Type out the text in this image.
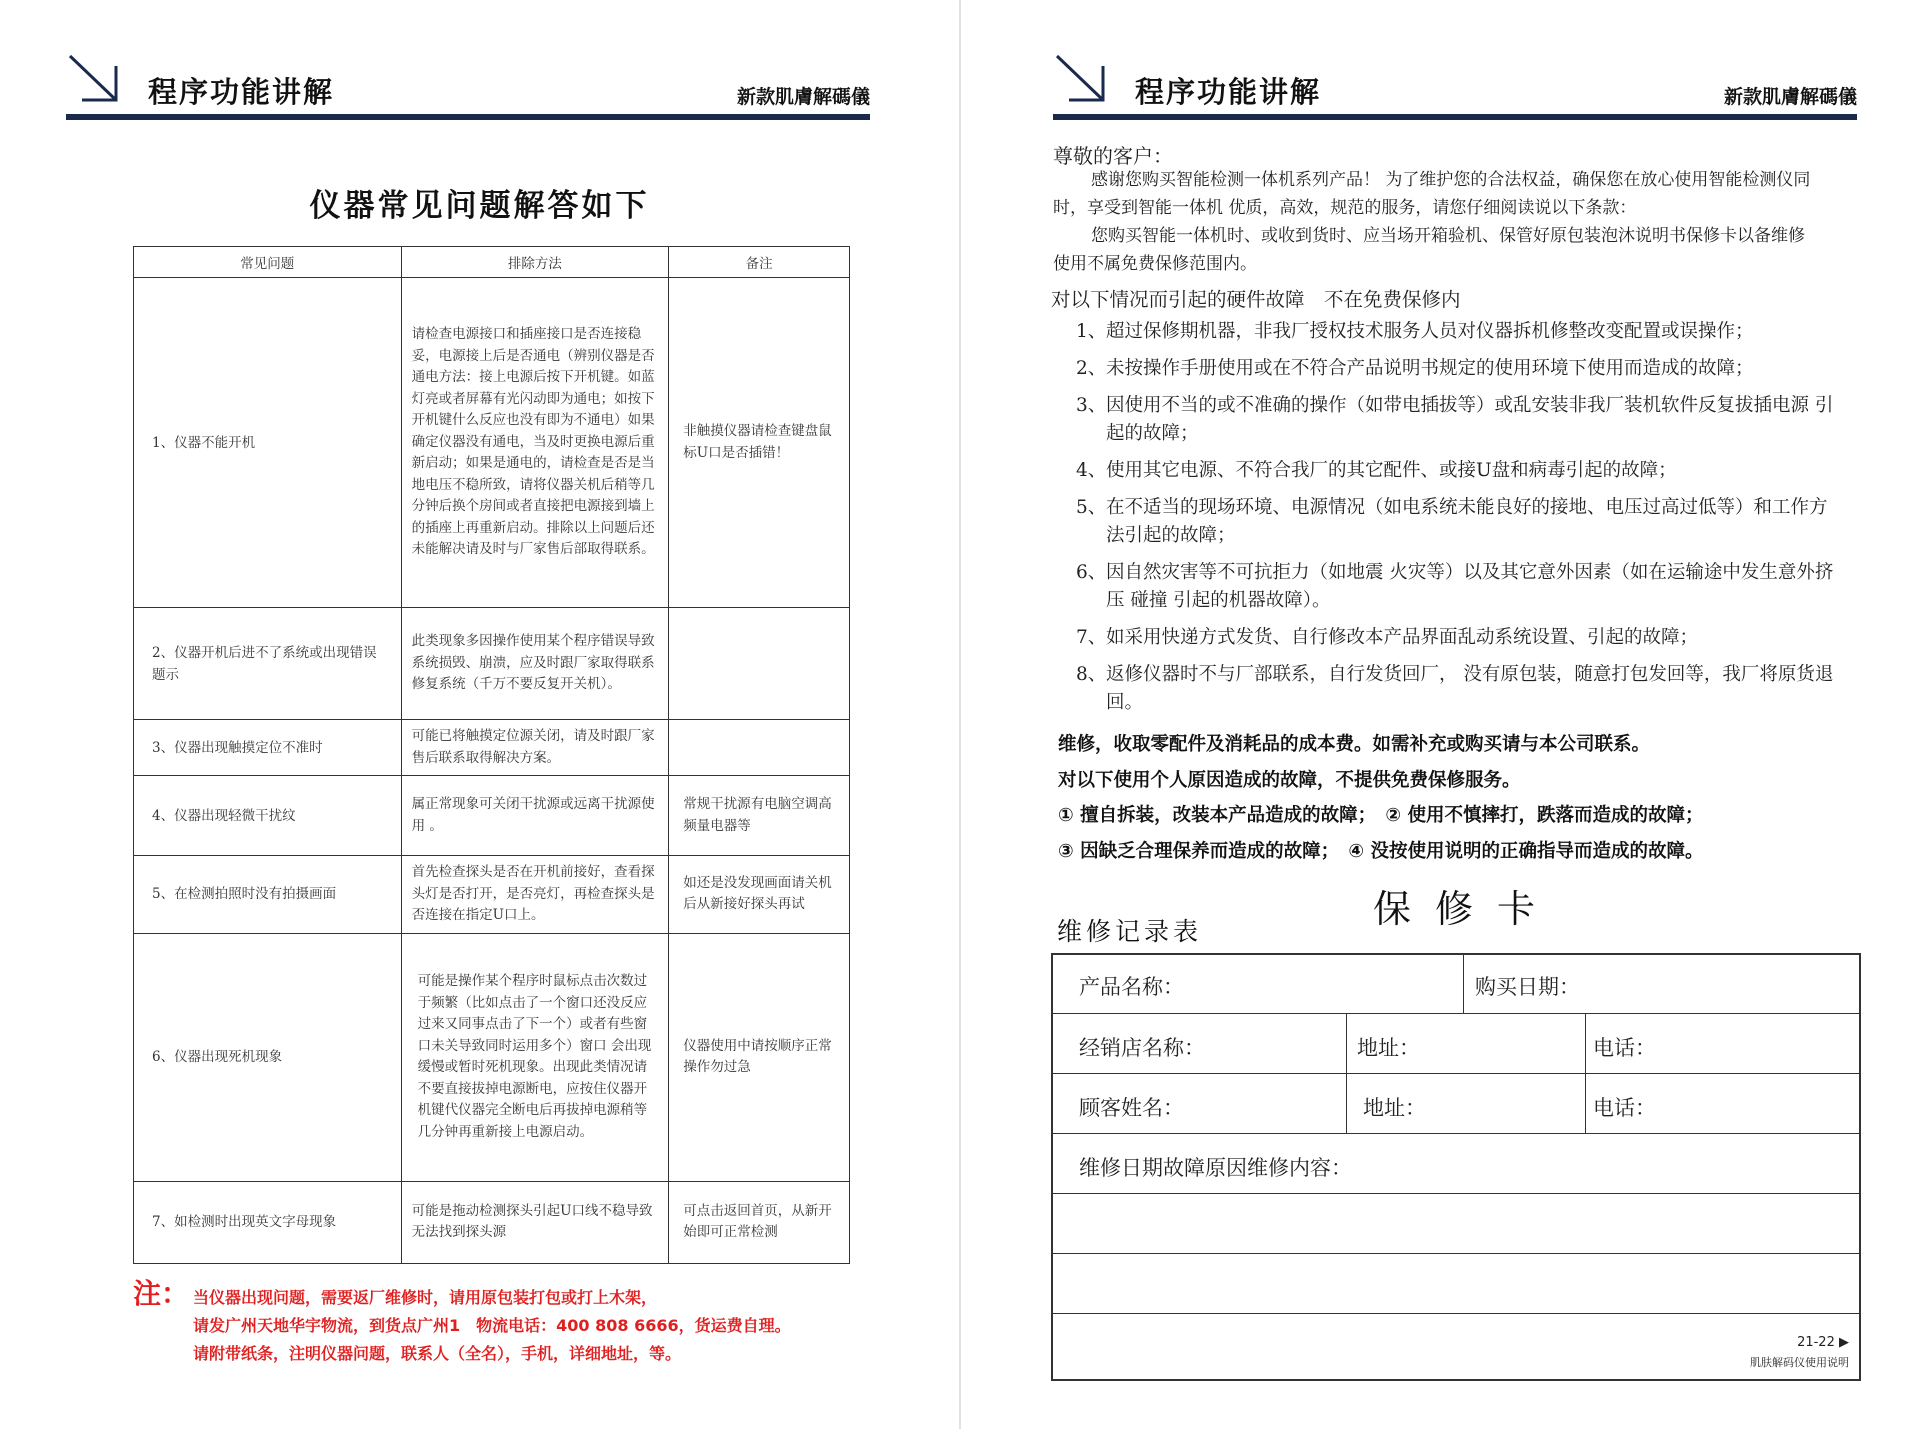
程序功能讲解	新款肌膚解碼儀
仪器常见问题解答如下
常见问题	排除方法	备注
1、仪器不能开机	请检查电源接口和插座接口是否连接稳妥，电源接上后是否通电（辨别仪器是否通电方法：接上电源后按下开机键。如蓝灯亮或者屏幕有光闪动即为通电；如按下开机键什么反应也没有即为不通电）如果确定仪器没有通电，当及时更换电源后重新启动；如果是通电的，请检查是否是当地电压不稳所致，请将仪器关机后稍等几分钟后换个房间或者直接把电源接到墙上的插座上再重新启动。排除以上问题后还未能解决请及时与厂家售后部取得联系。	非触摸仪器请检查键盘鼠标U口是否插错！
2、仪器开机后进不了系统或出现错误题示	此类现象多因操作使用某个程序错误导致系统损毁、崩溃，应及时跟厂家取得联系修复系统（千万不要反复开关机）。	
3、仪器出现触摸定位不准时	可能已将触摸定位源关闭，请及时跟厂家售后联系取得解决方案。	
4、仪器出现轻微干扰纹	属正常现象可关闭干扰源或远离干扰源使用 。	常规干扰源有电脑空调高频量电器等
5、在检测拍照时没有拍摄画面	首先检查探头是否在开机前接好，查看探头灯是否打开，是否亮灯，再检查探头是否连接在指定U口上。	如还是没发现画面请关机后从新接好探头再试
6、仪器出现死机现象	可能是操作某个程序时鼠标点击次数过于频繁（比如点击了一个窗口还没反应过来又同事点击了下一个）或者有些窗口未关导致同时运用多个）窗口 会出现缓慢或暂时死机现象。出现此类情况请不要直接拔掉电源断电，应按住仪器开机键代仪器完全断电后再拔掉电源稍等几分钟再重新接上电源启动。	仪器使用中请按顺序正常操作勿过急
7、如检测时出现英文字母现象	可能是拖动检测探头引起U口线不稳导致无法找到探头源	可点击返回首页，从新开始即可正常检测
注： 当仪器出现问题，需要返厂维修时，请用原包装打包或打上木架，
请发广州天地华宇物流，到货点广州1　物流电话：400 808 6666，货运费自理。
请附带纸条，注明仪器问题，联系人（全名），手机，详细地址，等。
程序功能讲解	新款肌膚解碼儀
尊敬的客户：
感谢您购买智能检测一体机系列产品！ 为了维护您的合法权益，确保您在放心使用智能检测仪同时，享受到智能一体机 优质，高效，规范的服务，请您仔细阅读说以下条款：
您购买智能一体机时、或收到货时、应当场开箱验机、保管好原包装泡沐说明书保修卡以备维修使用不属免费保修范围内。
对以下情况而引起的硬件故障　不在免费保修内
1、 超过保修期机器，非我厂授权技术服务人员对仪器拆机修整改变配置或误操作；
2、 未按操作手册使用或在不符合产品说明书规定的使用环境下使用而造成的故障；
3、 因使用不当的或不准确的操作（如带电插拔等）或乱安装非我厂装机软件反复拔插电源 引起的故障；
4、 使用其它电源、不符合我厂的其它配件、或接U盘和病毒引起的故障；
5、 在不适当的现场环境、电源情况（如电系统未能良好的接地、电压过高过低等）和工作方法引起的故障；
6、 因自然灾害等不可抗拒力（如地震 火灾等）以及其它意外因素（如在运输途中发生意外挤压 碰撞 引起的机器故障）。
7、 如采用快递方式发货、自行修改本产品界面乱动系统设置、引起的故障；
8、 返修仪器时不与厂部联系，自行发货回厂， 没有原包装，随意打包发回等，我厂将原货退回。
维修，收取零配件及消耗品的成本费。如需补充或购买请与本公司联系。
对以下使用个人原因造成的故障，不提供免费保修服务。
① 擅自拆装，改装本产品造成的故障；　② 使用不慎摔打，跌落而造成的故障；
③ 因缺乏合理保养而造成的故障；　④ 没按使用说明的正确指导而造成的故障。
保修卡
维修记录表
产品名称：	购买日期：
经销店名称：	地址：	电话：
顾客姓名：	地址：	电话：
维修日期故障原因维修内容：
21-22 ▶
肌肤解码仪使用说明
